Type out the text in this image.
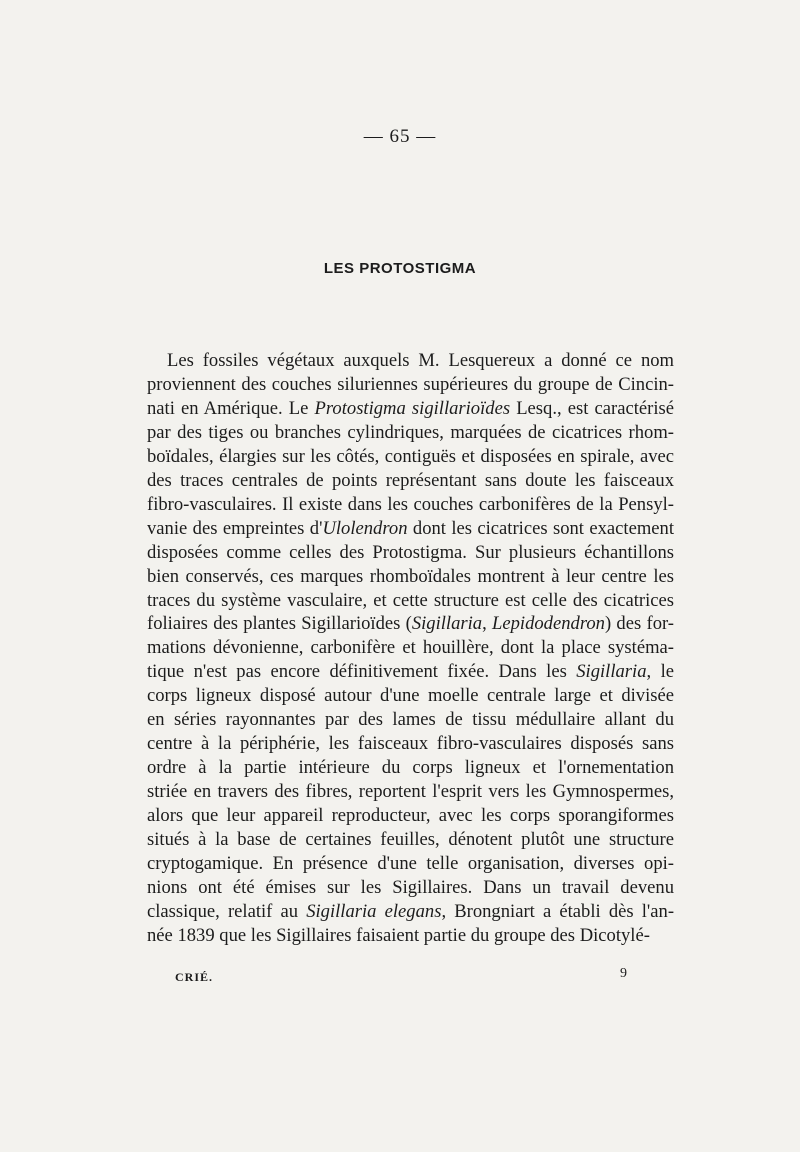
— 65 —
LES PROTOSTIGMA
Les fossiles végétaux auxquels M. Lesquereux a donné ce nom
proviennent des couches siluriennes supérieures du groupe de Cincin-
nati en Amérique. Le Protostigma sigillarioïdes Lesq., est caractérisé
par des tiges ou branches cylindriques, marquées de cicatrices rhom-
boïdales, élargies sur les côtés, contiguës et disposées en spirale, avec
des traces centrales de points représentant sans doute les faisceaux
fibro-vasculaires. Il existe dans les couches carbonifères de la Pensyl-
vanie des empreintes d'Ulolendron dont les cicatrices sont exactement
disposées comme celles des Protostigma. Sur plusieurs échantillons
bien conservés, ces marques rhomboïdales montrent à leur centre les
traces du système vasculaire, et cette structure est celle des cicatrices
foliaires des plantes Sigillarioïdes (Sigillaria, Lepidodendron) des for-
mations dévonienne, carbonifère et houillère, dont la place systéma-
tique n'est pas encore définitivement fixée. Dans les Sigillaria, le
corps ligneux disposé autour d'une moelle centrale large et divisée
en séries rayonnantes par des lames de tissu médullaire allant du
centre à la périphérie, les faisceaux fibro-vasculaires disposés sans
ordre à la partie intérieure du corps ligneux et l'ornementation
striée en travers des fibres, reportent l'esprit vers les Gymnospermes,
alors que leur appareil reproducteur, avec les corps sporangiformes
situés à la base de certaines feuilles, dénotent plutôt une structure
cryptogamique. En présence d'une telle organisation, diverses opi-
nions ont été émises sur les Sigillaires. Dans un travail devenu
classique, relatif au Sigillaria elegans, Brongniart a établi dès l'an-
née 1839 que les Sigillaires faisaient partie du groupe des Dicotylé-
CRIÉ.	9
